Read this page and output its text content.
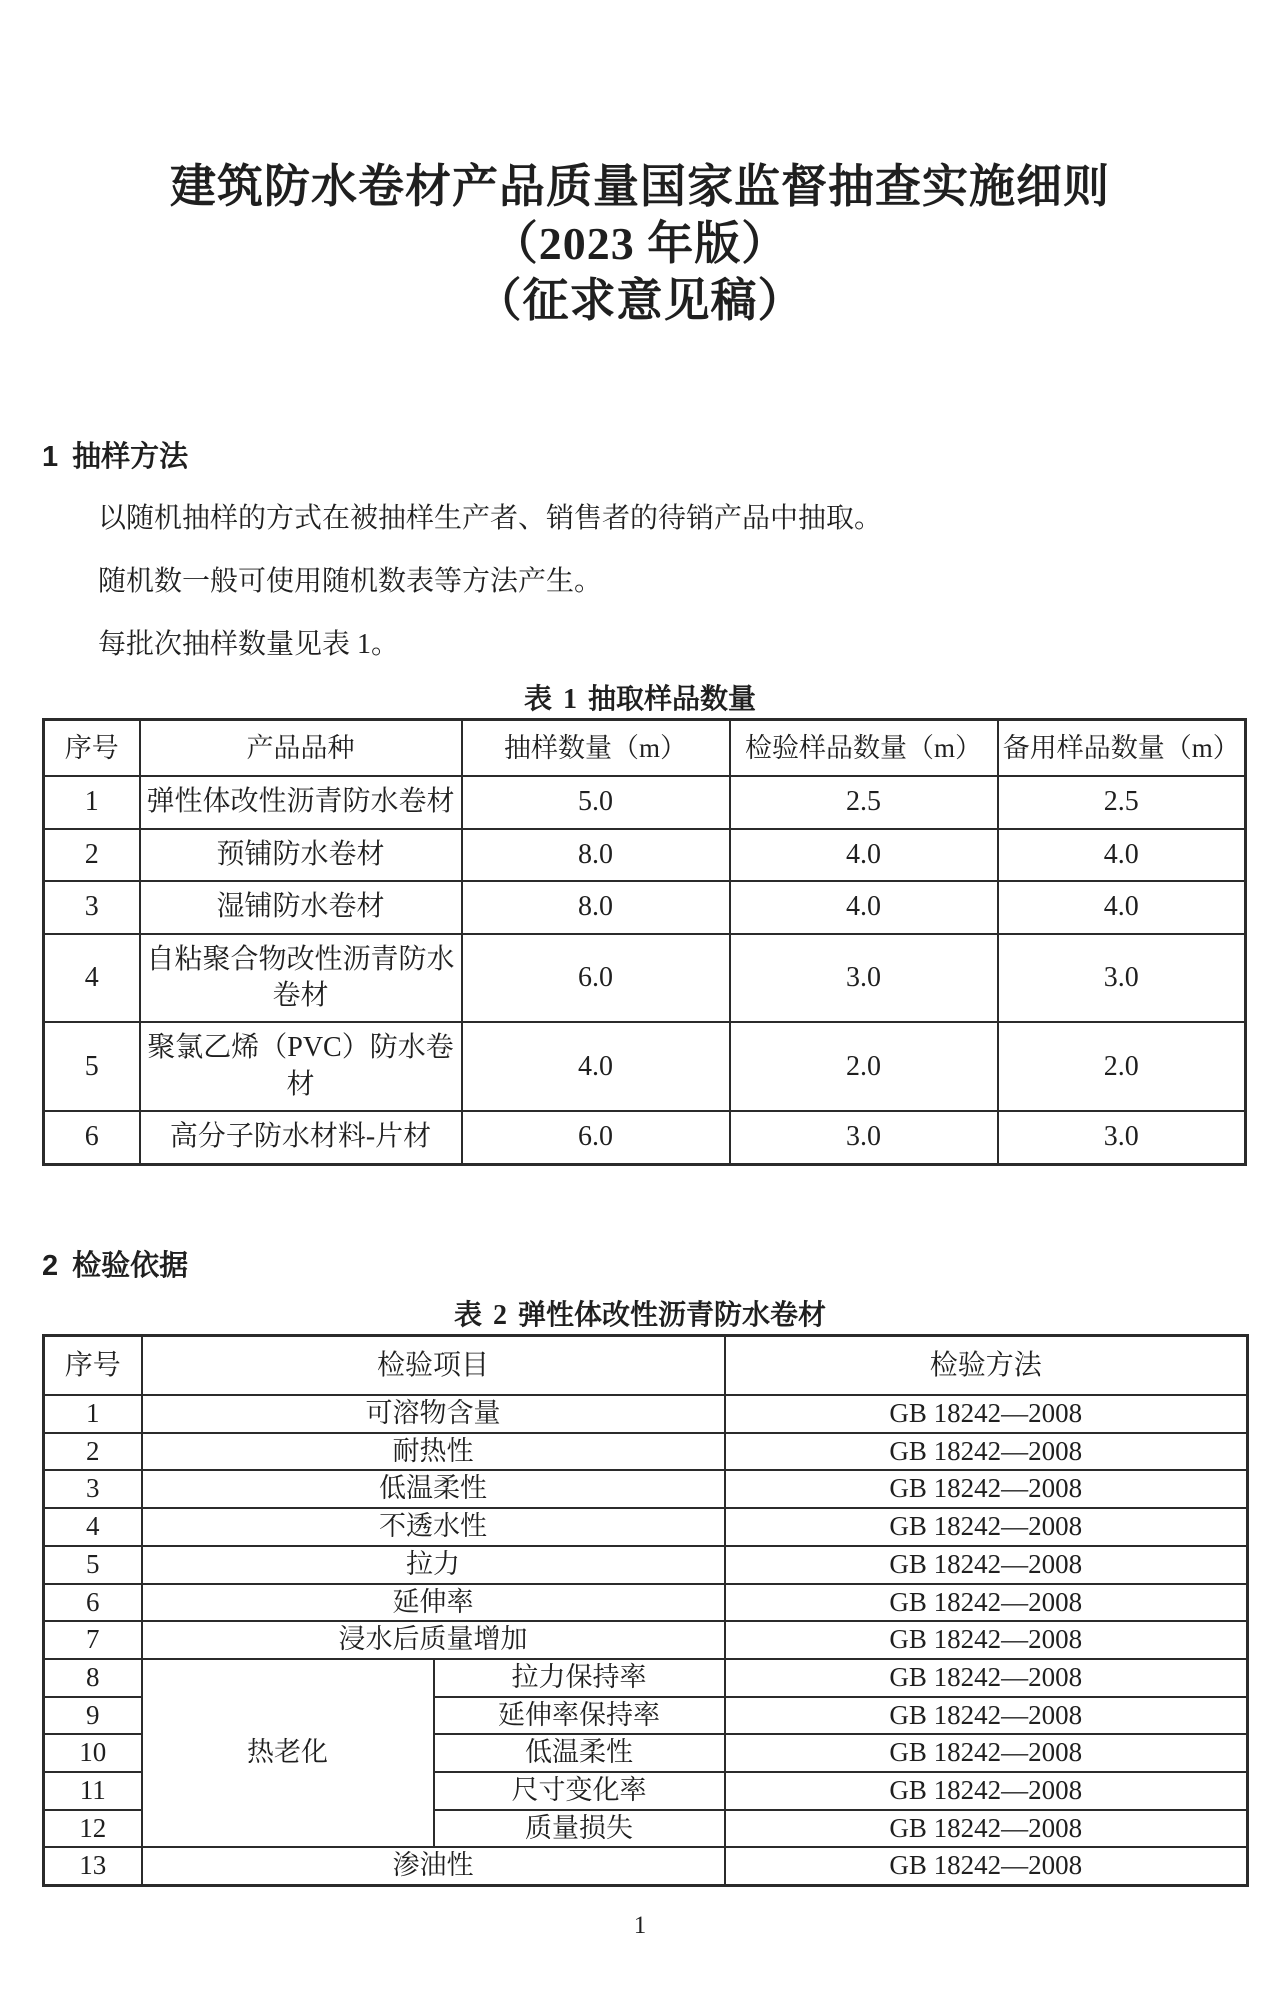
建筑防水卷材产品质量国家监督抽查实施细则
（2023 年版）
（征求意见稿）
1 抽样方法

以随机抽样的方式在被抽样生产者、销售者的待销产品中抽取。

随机数一般可使用随机数表等方法产生。

每批次抽样数量见表 1。

表 1 抽取样品数量
序号	产品品种	抽样数量（m）	检验样品数量（m）	备用样品数量（m）
1	弹性体改性沥青防水卷材	5.0	2.5	2.5
2	预铺防水卷材	8.0	4.0	4.0
3	湿铺防水卷材	8.0	4.0	4.0
4	自粘聚合物改性沥青防水卷材	6.0	3.0	3.0
5	聚氯乙烯（PVC）防水卷材	4.0	2.0	2.0
6	高分子防水材料-片材	6.0	3.0	3.0
2 检验依据
表 2 弹性体改性沥青防水卷材
序号	检验项目		检验方法
1	可溶物含量		GB 18242—2008
2	耐热性		GB 18242—2008
3	低温柔性		GB 18242—2008
4	不透水性		GB 18242—2008
5	拉力		GB 18242—2008
6	延伸率		GB 18242—2008
7	浸水后质量增加		GB 18242—2008
8	热老化	拉力保持率	GB 18242—2008
9		延伸率保持率	GB 18242—2008
10		低温柔性	GB 18242—2008
11		尺寸变化率	GB 18242—2008
12		质量损失	GB 18242—2008
13	渗油性		GB 18242—2008
1
